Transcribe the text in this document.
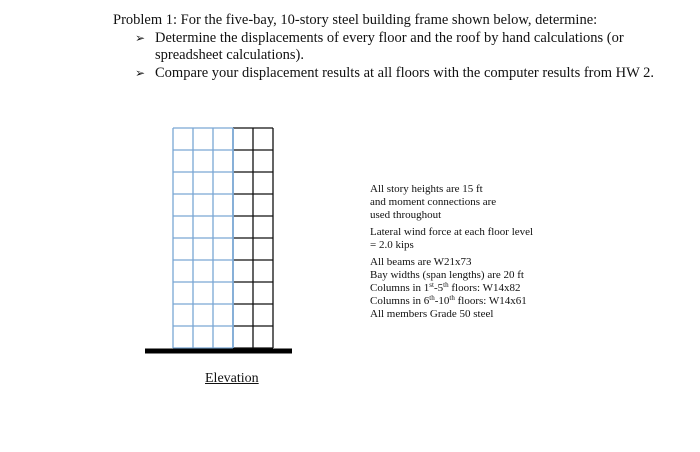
Problem 1: For the five-bay, 10-story steel building frame shown below, determine:

➢ Determine the displacements of every floor and the roof by hand calculations (or spreadsheet calculations).
➢ Compare your displacement results at all floors with the computer results from HW 2.
Elevation
All story heights are 15 ft
and moment connections are
used throughout
Lateral wind force at each floor level
= 2.0 kips
All beams are W21x73
Bay widths (span lengths) are 20 ft
Columns in 1st-5th floors: W14x82
Columns in 6th-10th floors: W14x61
All members Grade 50 steel
